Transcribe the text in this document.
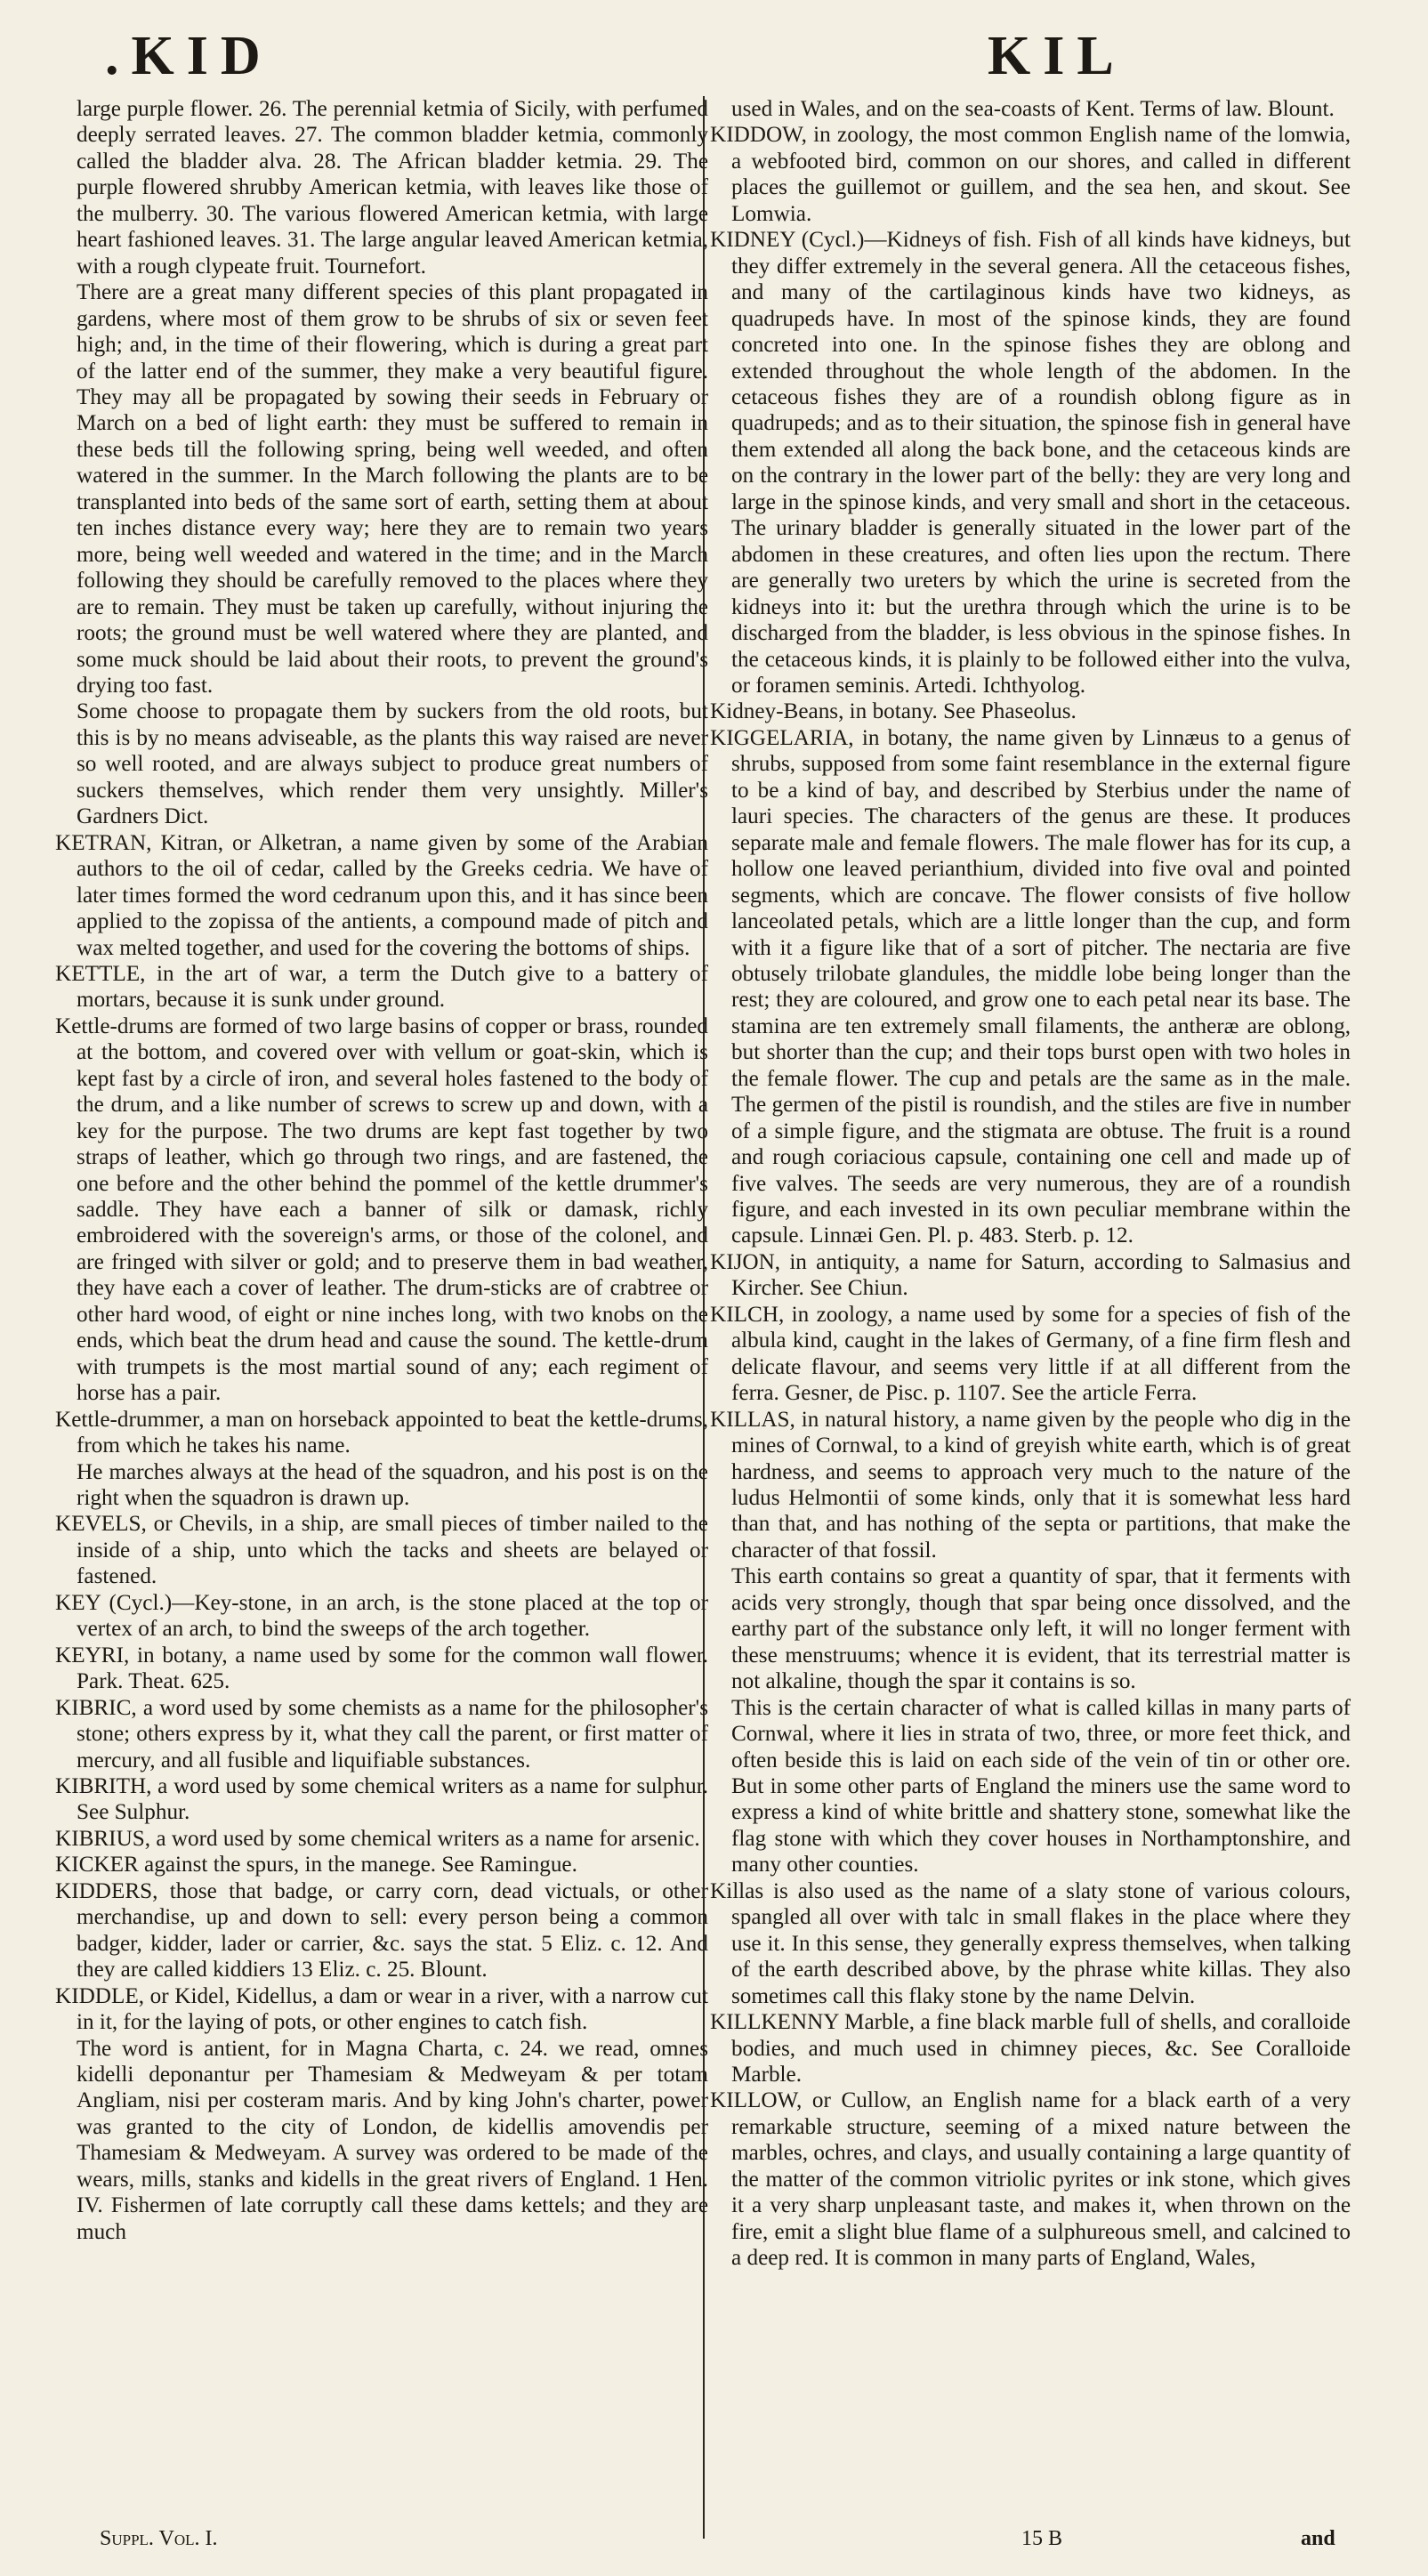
.KID	KIL

large purple flower. 26. The perennial ketmia of Sicily, with perfumed deeply serrated leaves. 27. The common bladder ketmia, commonly called the bladder alva. 28. The African bladder ketmia. 29. The purple flowered shrubby American ketmia, with leaves like those of the mulberry. 30. The various flowered American ketmia, with large heart fashioned leaves. 31. The large angular leaved American ketmia, with a rough clypeate fruit. Tournefort.

There are a great many different species of this plant propagated in gardens, where most of them grow to be shrubs of six or seven feet high; and, in the time of their flowering, which is during a great part of the latter end of the summer, they make a very beautiful figure. They may all be propagated by sowing their seeds in February or March on a bed of light earth: they must be suffered to remain in these beds till the following spring, being well weeded, and often watered in the summer. In the March following the plants are to be transplanted into beds of the same sort of earth, setting them at about ten inches distance every way; here they are to remain two years more, being well weeded and watered in the time; and in the March following they should be carefully removed to the places where they are to remain. They must be taken up carefully, without injuring the roots; the ground must be well watered where they are planted, and some muck should be laid about their roots, to prevent the ground's drying too fast.

Some choose to propagate them by suckers from the old roots, but this is by no means adviseable, as the plants this way raised are never so well rooted, and are always subject to produce great numbers of suckers themselves, which render them very unsightly. Miller's Gardners Dict.

KETRAN, Kitran, or Alketran, a name given by some of the Arabian authors to the oil of cedar, called by the Greeks cedria. We have of later times formed the word cedranum upon this, and it has since been applied to the zopissa of the antients, a compound made of pitch and wax melted together, and used for the covering the bottoms of ships.

KETTLE, in the art of war, a term the Dutch give to a battery of mortars, because it is sunk under ground.

Kettle-drums are formed of two large basins of copper or brass, rounded at the bottom, and covered over with vellum or goat-skin, which is kept fast by a circle of iron, and several holes fastened to the body of the drum, and a like number of screws to screw up and down, with a key for the purpose. The two drums are kept fast together by two straps of leather, which go through two rings, and are fastened, the one before and the other behind the pommel of the kettle drummer's saddle. They have each a banner of silk or damask, richly embroidered with the sovereign's arms, or those of the colonel, and are fringed with silver or gold; and to preserve them in bad weather, they have each a cover of leather. The drum-sticks are of crabtree or other hard wood, of eight or nine inches long, with two knobs on the ends, which beat the drum head and cause the sound. The kettle-drum with trumpets is the most martial sound of any; each regiment of horse has a pair.

Kettle-drummer, a man on horseback appointed to beat the kettle-drums, from which he takes his name.

He marches always at the head of the squadron, and his post is on the right when the squadron is drawn up.

KEVELS, or Chevils, in a ship, are small pieces of timber nailed to the inside of a ship, unto which the tacks and sheets are belayed or fastened.

KEY (Cycl.)—Key-stone, in an arch, is the stone placed at the top or vertex of an arch, to bind the sweeps of the arch together.

KEYRI, in botany, a name used by some for the common wall flower. Park. Theat. 625.

KIBRIC, a word used by some chemists as a name for the philosopher's stone; others express by it, what they call the parent, or first matter of mercury, and all fusible and liquifiable substances.

KIBRITH, a word used by some chemical writers as a name for sulphur. See Sulphur.

KIBRIUS, a word used by some chemical writers as a name for arsenic.

KICKER against the spurs, in the manege. See Ramingue.

KIDDERS, those that badge, or carry corn, dead victuals, or other merchandise, up and down to sell: every person being a common badger, kidder, lader or carrier, &c. says the stat. 5 Eliz. c. 12. And they are called kiddiers 13 Eliz. c. 25. Blount.

KIDDLE, or Kidel, Kidellus, a dam or wear in a river, with a narrow cut in it, for the laying of pots, or other engines to catch fish.

The word is antient, for in Magna Charta, c. 24. we read, omnes kidelli deponantur per Thamesiam & Medweyam & per totam Angliam, nisi per costeram maris. And by king John's charter, power was granted to the city of London, de kidellis amovendis per Thamesiam & Medweyam. A survey was ordered to be made of the wears, mills, stanks and kidells in the great rivers of England. 1 Hen. IV. Fishermen of late corruptly call these dams kettels; and they are much

used in Wales, and on the sea-coasts of Kent. Terms of law. Blount.

KIDDOW, in zoology, the most common English name of the lomwia, a webfooted bird, common on our shores, and called in different places the guillemot or guillem, and the sea hen, and skout. See Lomwia.

KIDNEY (Cycl.)—Kidneys of fish. Fish of all kinds have kidneys, but they differ extremely in the several genera. All the cetaceous fishes, and many of the cartilaginous kinds have two kidneys, as quadrupeds have. In most of the spinose kinds, they are found concreted into one. In the spinose fishes they are oblong and extended throughout the whole length of the abdomen. In the cetaceous fishes they are of a roundish oblong figure as in quadrupeds; and as to their situation, the spinose fish in general have them extended all along the back bone, and the cetaceous kinds are on the contrary in the lower part of the belly: they are very long and large in the spinose kinds, and very small and short in the cetaceous. The urinary bladder is generally situated in the lower part of the abdomen in these creatures, and often lies upon the rectum. There are generally two ureters by which the urine is secreted from the kidneys into it: but the urethra through which the urine is to be discharged from the bladder, is less obvious in the spinose fishes. In the cetaceous kinds, it is plainly to be followed either into the vulva, or foramen seminis. Artedi. Ichthyolog.

Kidney-Beans, in botany. See Phaseolus.

KIGGELARIA, in botany, the name given by Linnæus to a genus of shrubs, supposed from some faint resemblance in the external figure to be a kind of bay, and described by Sterbius under the name of lauri species. The characters of the genus are these. It produces separate male and female flowers. The male flower has for its cup, a hollow one leaved perianthium, divided into five oval and pointed segments, which are concave. The flower consists of five hollow lanceolated petals, which are a little longer than the cup, and form with it a figure like that of a sort of pitcher. The nectaria are five obtusely trilobate glandules, the middle lobe being longer than the rest; they are coloured, and grow one to each petal near its base. The stamina are ten extremely small filaments, the antheræ are oblong, but shorter than the cup; and their tops burst open with two holes in the female flower. The cup and petals are the same as in the male. The germen of the pistil is roundish, and the stiles are five in number of a simple figure, and the stigmata are obtuse. The fruit is a round and rough coriacious capsule, containing one cell and made up of five valves. The seeds are very numerous, they are of a roundish figure, and each invested in its own peculiar membrane within the capsule. Linnæi Gen. Pl. p. 483. Sterb. p. 12.

KIJON, in antiquity, a name for Saturn, according to Salmasius and Kircher. See Chiun.

KILCH, in zoology, a name used by some for a species of fish of the albula kind, caught in the lakes of Germany, of a fine firm flesh and delicate flavour, and seems very little if at all different from the ferra. Gesner, de Pisc. p. 1107. See the article Ferra.

KILLAS, in natural history, a name given by the people who dig in the mines of Cornwal, to a kind of greyish white earth, which is of great hardness, and seems to approach very much to the nature of the ludus Helmontii of some kinds, only that it is somewhat less hard than that, and has nothing of the septa or partitions, that make the character of that fossil.

This earth contains so great a quantity of spar, that it ferments with acids very strongly, though that spar being once dissolved, and the earthy part of the substance only left, it will no longer ferment with these menstruums; whence it is evident, that its terrestrial matter is not alkaline, though the spar it contains is so.

This is the certain character of what is called killas in many parts of Cornwal, where it lies in strata of two, three, or more feet thick, and often beside this is laid on each side of the vein of tin or other ore. But in some other parts of England the miners use the same word to express a kind of white brittle and shattery stone, somewhat like the flag stone with which they cover houses in Northamptonshire, and many other counties.

Killas is also used as the name of a slaty stone of various colours, spangled all over with talc in small flakes in the place where they use it. In this sense, they generally express themselves, when talking of the earth described above, by the phrase white killas. They also sometimes call this flaky stone by the name Delvin.

KILLKENNY Marble, a fine black marble full of shells, and coralloide bodies, and much used in chimney pieces, &c. See Coralloide Marble.

KILLOW, or Cullow, an English name for a black earth of a very remarkable structure, seeming of a mixed nature between the marbles, ochres, and clays, and usually containing a large quantity of the matter of the common vitriolic pyrites or ink stone, which gives it a very sharp unpleasant taste, and makes it, when thrown on the fire, emit a slight blue flame of a sulphureous smell, and calcined to a deep red. It is common in many parts of England, Wales,

Suppl. Vol. I.	15 B	and
